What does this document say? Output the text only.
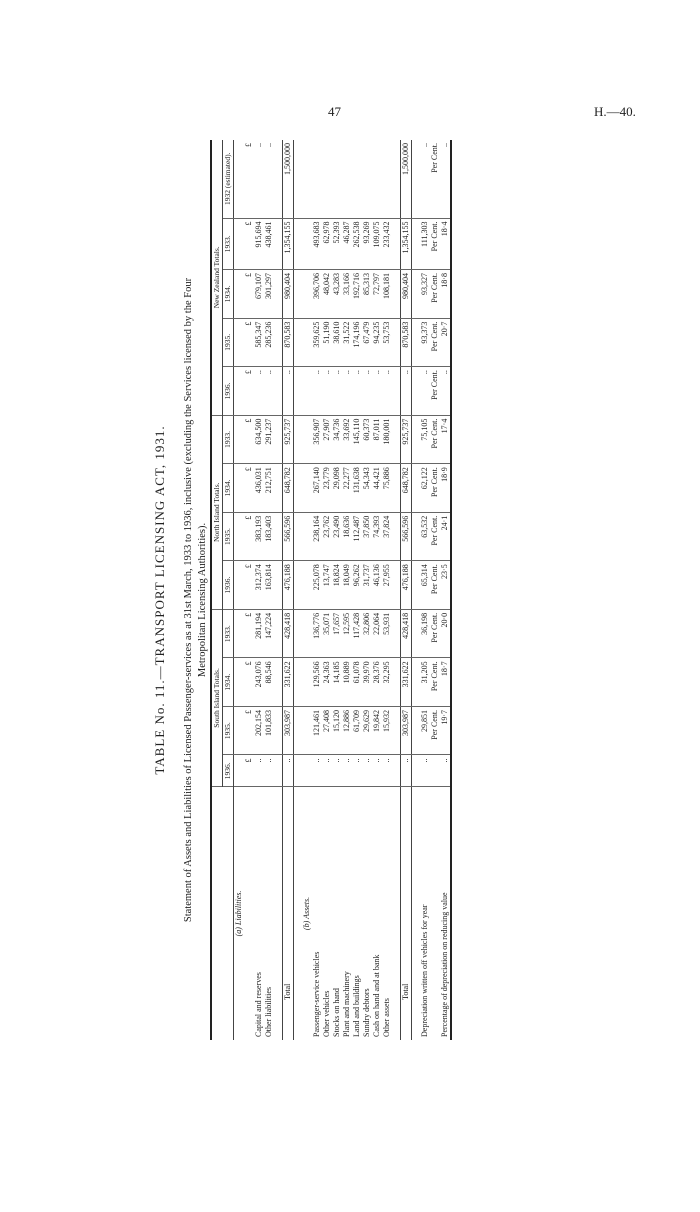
47	H.—40.
TABLE No. 11.—TRANSPORT LICENSING ACT, 1931. Statement of Assets and Liabilities of Licensed Passenger-services as at 31st March, 1933 to 1936, inclusive (excluding the Services licensed by the Four Metropolitan Licensing Authorities).
	South Island Totals.				North Island Totals.				New Zealand Totals.				
	1936.	1935.	1934.	1933.	1936.	1935.	1934.	1933.	1936.	1935.	1934.	1933.	1932 (estimated).
(a) Liabilities.													
	£	£	£	£	£	£	£	£	£	£	£	£	£
Capital and reserves	..	202,154	243,076	281,194	312,374	383,193	436,031	634,500	..	585,347	679,107	915,694	..
Other liabilities	..	101,833	88,546	147,224	163,814	183,403	212,751	291,237	..	285,236	301,297	438,461	..

Total	..	303,987	331,622	428,418	476,188	566,596	648,782	925,737	..	870,583	980,404	1,354,155	1,500,000

(b) Assets.													
Passenger-service vehicles	..	121,461	129,566	136,776	225,078	238,164	267,140	356,907	..	359,625	396,706	493,683	
Other vehicles	..	27,408	24,363	35,071	13,747	23,762	23,779	27,907	..	51,190	48,042	62,978	
Stocks on hand	..	15,120	14,185	17,657	18,824	23,490	29,098	34,736	..	38,610	43,283	52,393	
Plant and machinery	..	12,886	10,889	12,595	18,049	18,636	22,277	33,692	..	31,522	33,166	46,287	
Land and buildings	..	61,709	61,078	117,428	96,262	112,487	131,638	145,110	..	174,196	192,716	262,538	
Sundry debtors	..	29,629	39,970	32,806	31,737	37,850	54,343	60,373	..	67,479	85,313	93,269	
Cash on hand and at bank	..	19,842	28,376	22,064	46,136	74,393	44,421	87,011	..	94,235	72,797	109,075	
Other assets	..	15,932	32,295	53,931	27,955	37,824	75,886	180,001	..	53,753	108,181	233,432	

Total	..	303,987	331,622	428,418	476,188	566,596	648,782	925,737	..	870,583	980,404	1,354,155	1,500,000

Depreciation written off vehicles for year	..	29,851	31,205	36,198	65,314	63,532	62,122	75,105	..	93,373	93,327	111,303	..
		Per Cent.	Per Cent.	Per Cent.	Per Cent.	Per Cent.	Per Cent.	Per Cent.	Per Cent.	Per Cent.	Per Cent.	Per Cent.	Per Cent.
Percentage of depreciation on reducing value	..	19·7	18·7	20·0	23·5	24·1	18·9	17·4	..	20·7	18·8	18·4	..
